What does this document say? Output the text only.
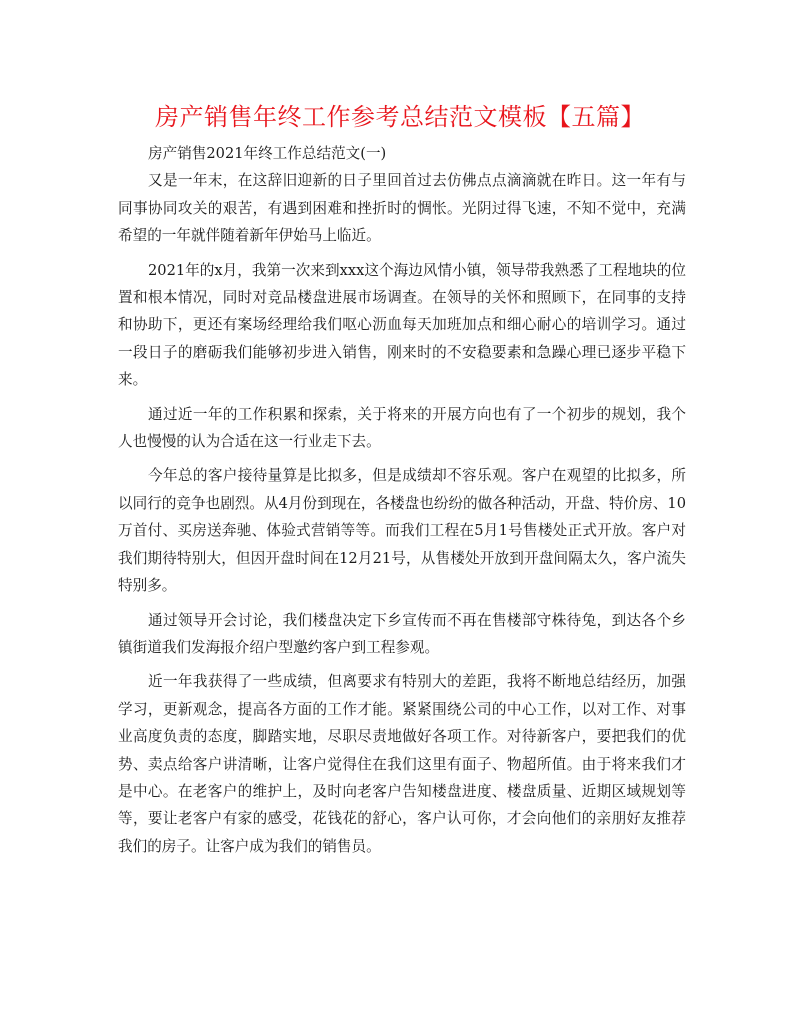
房产销售年终工作参考总结范文模板【五篇】

房产销售2021年终工作总结范文(一)

又是一年末，在这辞旧迎新的日子里回首过去仿佛点点滴滴就在昨日。这一年有与同事协同攻关的艰苦，有遇到困难和挫折时的惆怅。光阴过得飞速，不知不觉中，充满希望的一年就伴随着新年伊始马上临近。

2021年的x月，我第一次来到xxx这个海边风情小镇，领导带我熟悉了工程地块的位置和根本情况，同时对竞品楼盘进展市场调查。在领导的关怀和照顾下，在同事的支持和协助下，更还有案场经理给我们呕心沥血每天加班加点和细心耐心的培训学习。通过一段日子的磨砺我们能够初步进入销售，刚来时的不安稳要素和急躁心理已逐步平稳下来。

通过近一年的工作积累和探索，关于将来的开展方向也有了一个初步的规划，我个人也慢慢的认为合适在这一行业走下去。

今年总的客户接待量算是比拟多，但是成绩却不容乐观。客户在观望的比拟多，所以同行的竞争也剧烈。从4月份到现在，各楼盘也纷纷的做各种活动，开盘、特价房、10万首付、买房送奔驰、体验式营销等等。而我们工程在5月1号售楼处正式开放。客户对我们期待特别大，但因开盘时间在12月21号，从售楼处开放到开盘间隔太久，客户流失特别多。

通过领导开会讨论，我们楼盘决定下乡宣传而不再在售楼部守株待兔，到达各个乡镇街道我们发海报介绍户型邀约客户到工程参观。

近一年我获得了一些成绩，但离要求有特别大的差距，我将不断地总结经历，加强学习，更新观念，提高各方面的工作才能。紧紧围绕公司的中心工作，以对工作、对事业高度负责的态度，脚踏实地，尽职尽责地做好各项工作。对待新客户，要把我们的优势、卖点给客户讲清晰，让客户觉得住在我们这里有面子、物超所值。由于将来我们才是中心。在老客户的维护上，及时向老客户告知楼盘进度、楼盘质量、近期区域规划等等，要让老客户有家的感受，花钱花的舒心，客户认可你，才会向他们的亲朋好友推荐我们的房子。让客户成为我们的销售员。
